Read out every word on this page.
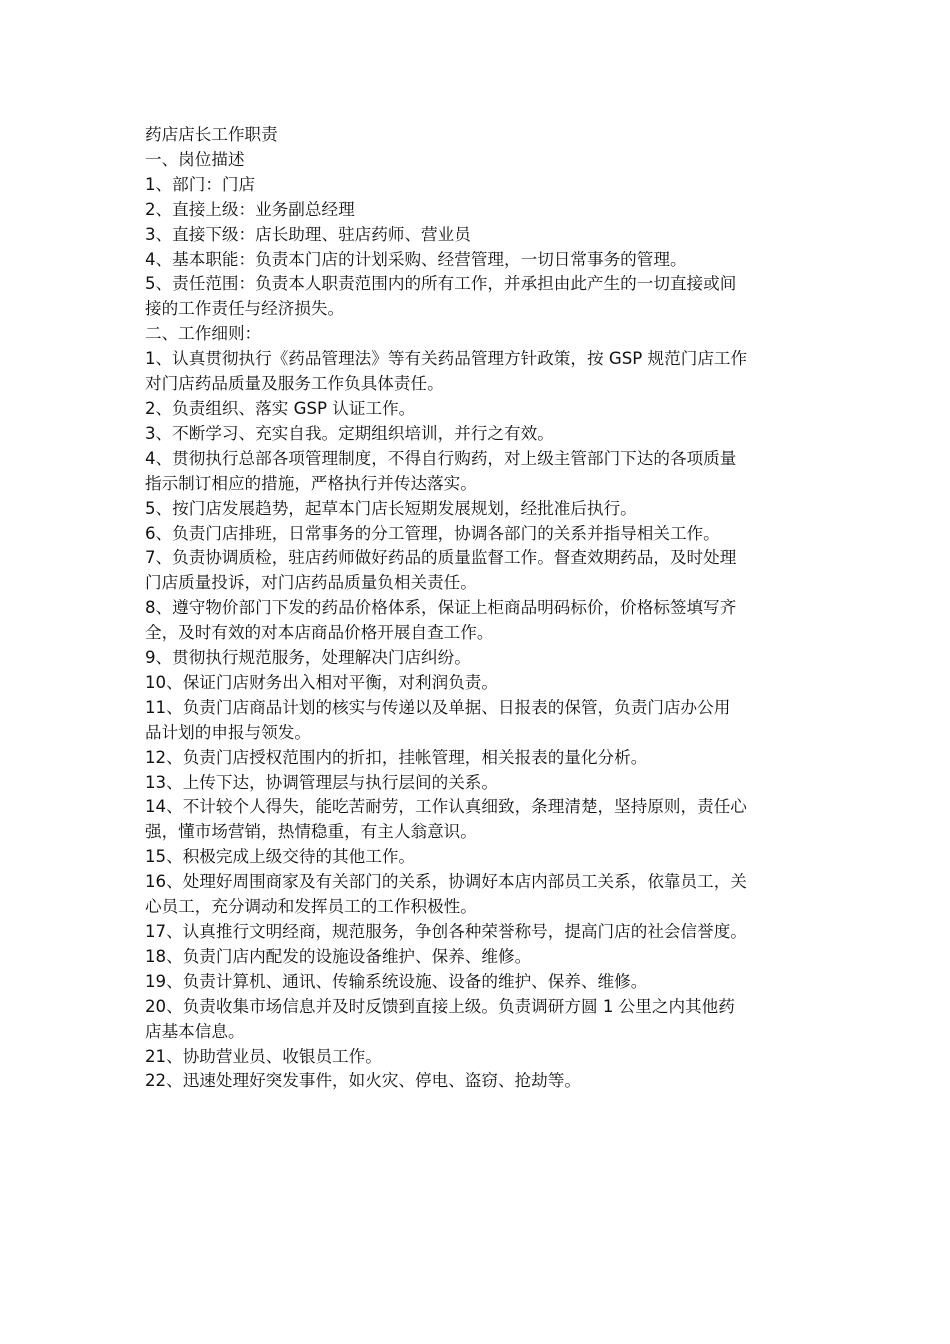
药店店长工作职责

一、岗位描述

1、部门：门店

2、直接上级：业务副总经理

3、直接下级：店长助理、驻店药师、营业员

4、基本职能：负责本门店的计划采购、经营管理，一切日常事务的管理。

5、责任范围：负责本人职责范围内的所有工作，并承担由此产生的一切直接或间

接的工作责任与经济损失。

二、工作细则：

1、认真贯彻执行《药品管理法》等有关药品管理方针政策，按 GSP 规范门店工作

对门店药品质量及服务工作负具体责任。

2、负责组织、落实 GSP 认证工作。

3、不断学习、充实自我。定期组织培训，并行之有效。

4、贯彻执行总部各项管理制度，不得自行购药，对上级主管部门下达的各项质量

指示制订相应的措施，严格执行并传达落实。

5、按门店发展趋势，起草本门店长短期发展规划，经批准后执行。

6、负责门店排班，日常事务的分工管理，协调各部门的关系并指导相关工作。

7、负责协调质检，驻店药师做好药品的质量监督工作。督查效期药品，及时处理

门店质量投诉，对门店药品质量负相关责任。

8、遵守物价部门下发的药品价格体系，保证上柜商品明码标价，价格标签填写齐

全，及时有效的对本店商品价格开展自查工作。

9、贯彻执行规范服务，处理解决门店纠纷。

10、保证门店财务出入相对平衡，对利润负责。

11、负责门店商品计划的核实与传递以及单据、日报表的保管，负责门店办公用

品计划的申报与领发。

12、负责门店授权范围内的折扣，挂帐管理，相关报表的量化分析。

13、上传下达，协调管理层与执行层间的关系。

14、不计较个人得失，能吃苦耐劳，工作认真细致，条理清楚，坚持原则，责任心

强，懂市场营销，热情稳重，有主人翁意识。

15、积极完成上级交待的其他工作。

16、处理好周围商家及有关部门的关系，协调好本店内部员工关系，依靠员工，关

心员工，充分调动和发挥员工的工作积极性。

17、认真推行文明经商，规范服务，争创各种荣誉称号，提高门店的社会信誉度。

18、负责门店内配发的设施设备维护、保养、维修。

19、负责计算机、通讯、传输系统设施、设备的维护、保养、维修。

20、负责收集市场信息并及时反馈到直接上级。负责调研方圆 1 公里之内其他药

店基本信息。

21、协助营业员、收银员工作。

22、迅速处理好突发事件，如火灾、停电、盗窃、抢劫等。
